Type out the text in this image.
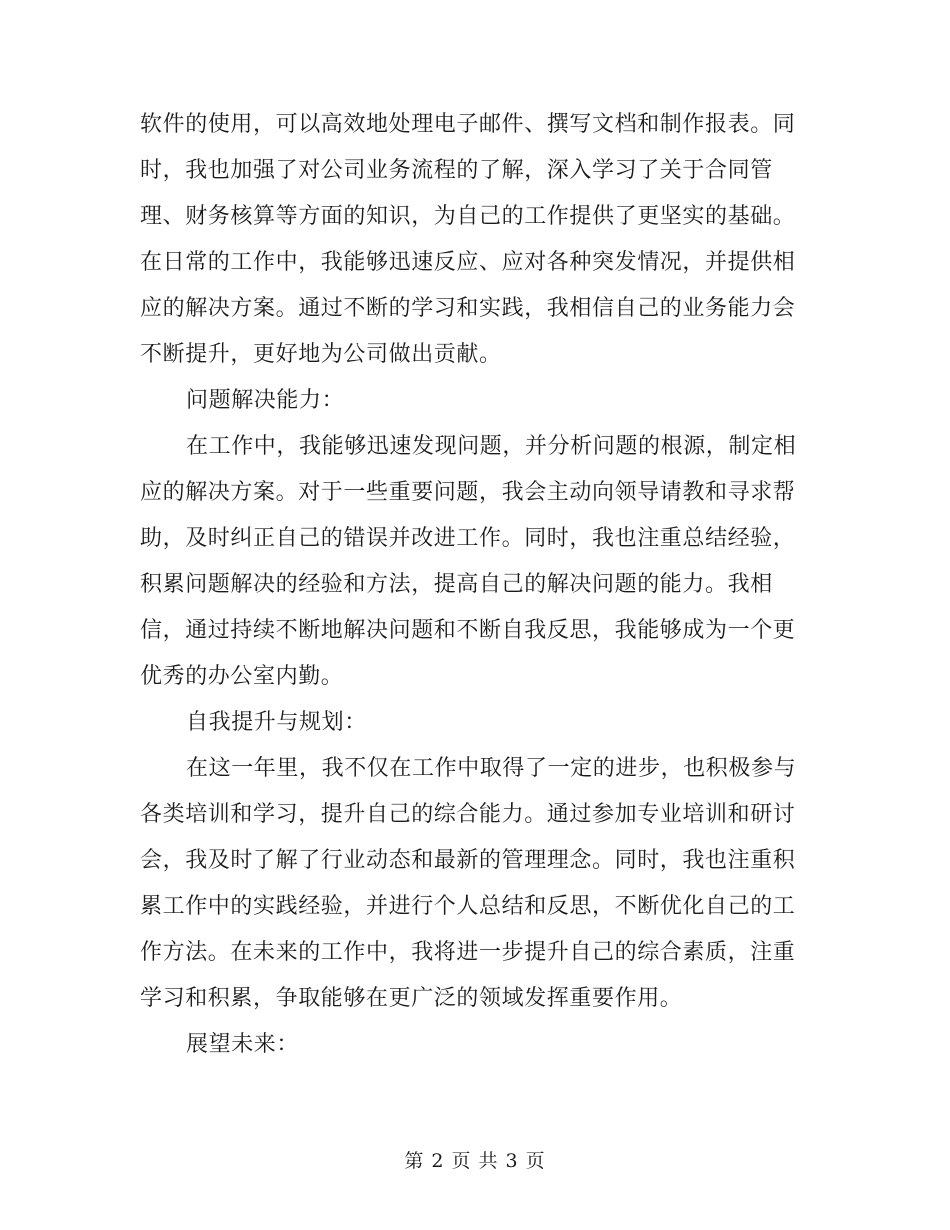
软件的使用，可以高效地处理电子邮件、撰写文档和制作报表。同时，我也加强了对公司业务流程的了解，深入学习了关于合同管理、财务核算等方面的知识，为自己的工作提供了更坚实的基础。在日常的工作中，我能够迅速反应、应对各种突发情况，并提供相应的解决方案。通过不断的学习和实践，我相信自己的业务能力会不断提升，更好地为公司做出贡献。

问题解决能力：

在工作中，我能够迅速发现问题，并分析问题的根源，制定相应的解决方案。对于一些重要问题，我会主动向领导请教和寻求帮助，及时纠正自己的错误并改进工作。同时，我也注重总结经验，积累问题解决的经验和方法，提高自己的解决问题的能力。我相信，通过持续不断地解决问题和不断自我反思，我能够成为一个更优秀的办公室内勤。

自我提升与规划：

在这一年里，我不仅在工作中取得了一定的进步，也积极参与各类培训和学习，提升自己的综合能力。通过参加专业培训和研讨会，我及时了解了行业动态和最新的管理理念。同时，我也注重积累工作中的实践经验，并进行个人总结和反思，不断优化自己的工作方法。在未来的工作中，我将进一步提升自己的综合素质，注重学习和积累，争取能够在更广泛的领域发挥重要作用。

展望未来：

第 2 页 共 3 页
